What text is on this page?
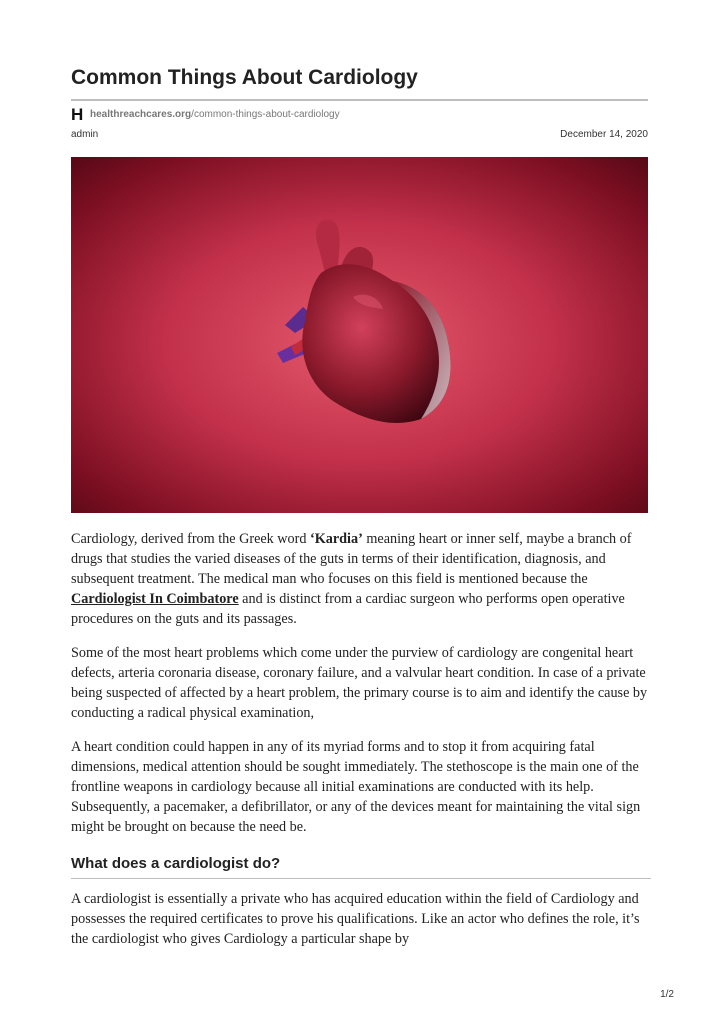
Common Things About Cardiology
H healthreachcares.org /common-things-about-cardiology
admin	December 14, 2020

Cardiology, derived from the Greek word ‘Kardia’ meaning heart or inner self, maybe a branch of drugs that studies the varied diseases of the guts in terms of their identification, diagnosis, and subsequent treatment. The medical man who focuses on this field is mentioned because the Cardiologist In Coimbatore and is distinct from a cardiac surgeon who performs open operative procedures on the guts and its passages.

Some of the most heart problems which come under the purview of cardiology are congenital heart defects, arteria coronaria disease, coronary failure, and a valvular heart condition. In case of a private being suspected of affected by a heart problem, the primary course is to aim and identify the cause by conducting a radical physical examination,

A heart condition could happen in any of its myriad forms and to stop it from acquiring fatal dimensions, medical attention should be sought immediately. The stethoscope is the main one of the frontline weapons in cardiology because all initial examinations are conducted with its help. Subsequently, a pacemaker, a defibrillator, or any of the devices meant for maintaining the vital sign might be brought on because the need be.

What does a cardiologist do?

A cardiologist is essentially a private who has acquired education within the field of Cardiology and possesses the required certificates to prove his qualifications. Like an actor who defines the role, it’s the cardiologist who gives Cardiology a particular shape by

1/2
